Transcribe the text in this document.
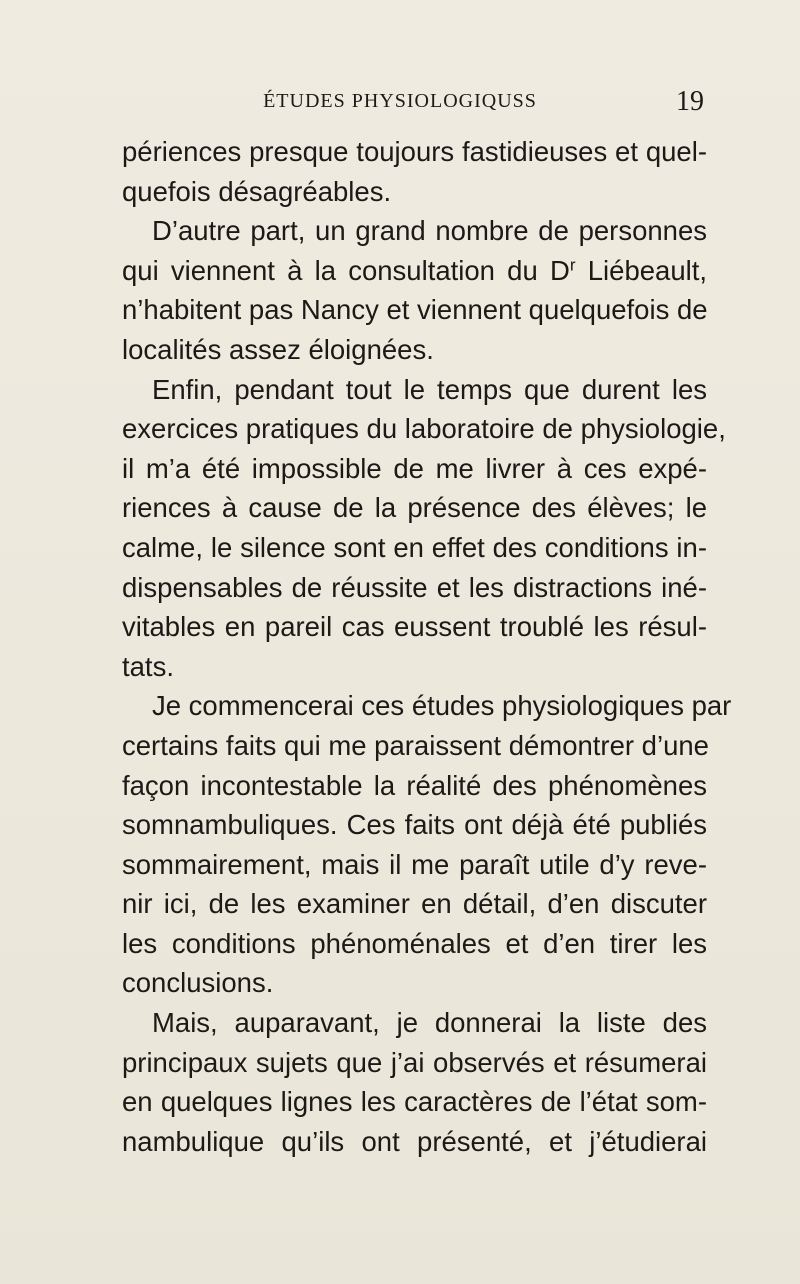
ÉTUDES PHYSIOLOGIQUSS	19
périences presque toujours fastidieuses et quel-
quefois désagréables.
D’autre part, un grand nombre de personnes
qui viennent à la consultation du $D^r$ Liébeault,
n’habitent pas Nancy et viennent quelquefois de
localités assez éloignées.
Enfin, pendant tout le temps que durent les
exercices pratiques du laboratoire de physiologie,
il m’a été impossible de me livrer à ces expé-
riences à cause de la présence des élèves; le
calme, le silence sont en effet des conditions in-
dispensables de réussite et les distractions iné-
vitables en pareil cas eussent troublé les résul-
tats.
Je commencerai ces études physiologiques par
certains faits qui me paraissent démontrer d’une
façon incontestable la réalité des phénomènes
somnambuliques. Ces faits ont déjà été publiés
sommairement, mais il me paraît utile d’y reve-
nir ici, de les examiner en détail, d’en discuter
les conditions phénoménales et d’en tirer les
conclusions.
Mais, auparavant, je donnerai la liste des
principaux sujets que j’ai observés et résumerai
en quelques lignes les caractères de l’état som-
nambulique qu’ils ont présenté, et j’étudierai
